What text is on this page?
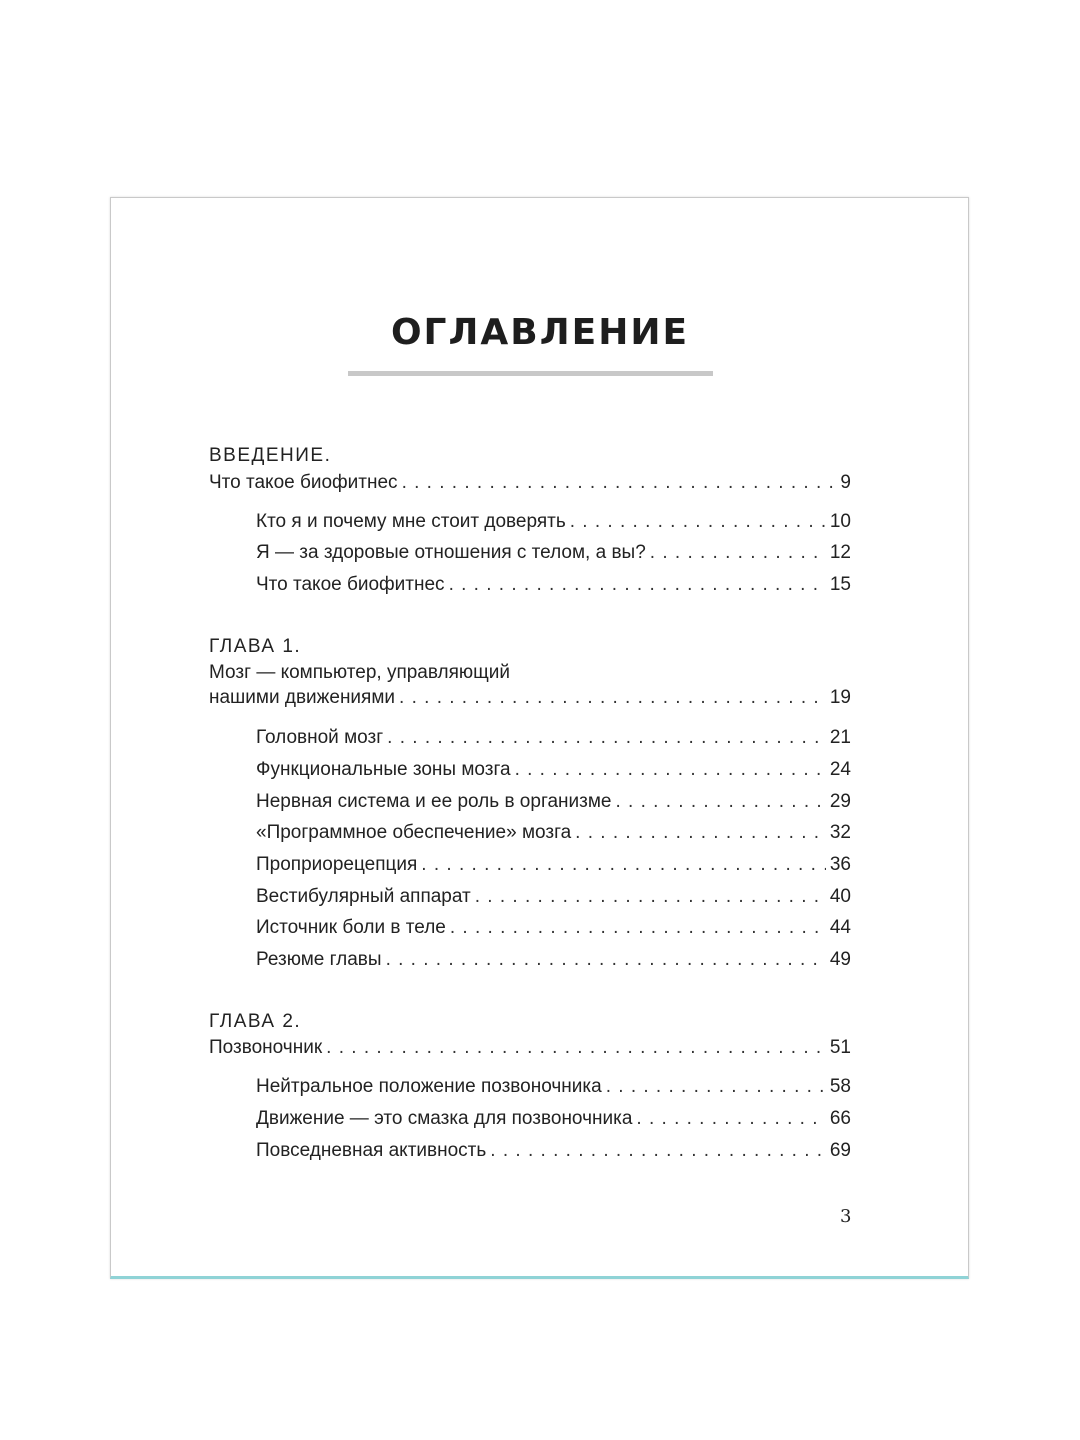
ОГЛАВЛЕНИЕ
ВВЕДЕНИЕ.
Что такое биофитнес . . .	9
Кто я и почему мне стоит доверять . . .	10
Я — за здоровые отношения с телом, а вы? . . .	12
Что такое биофитнес . . .	15
ГЛАВА 1.
Мозг — компьютер, управляющий
нашими движениями . . .	19
Головной мозг . . .	21
Функциональные зоны мозга . . .	24
Нервная система и ее роль в организме . . .	29
«Программное обеспечение» мозга . . .	32
Проприорецепция . . .	36
Вестибулярный аппарат . . .	40
Источник боли в теле . . .	44
Резюме главы . . .	49
ГЛАВА 2.
Позвоночник . . .	51
Нейтральное положение позвоночника . . .	58
Движение — это смазка для позвоночника . . .	66
Повседневная активность . . .	69
3
